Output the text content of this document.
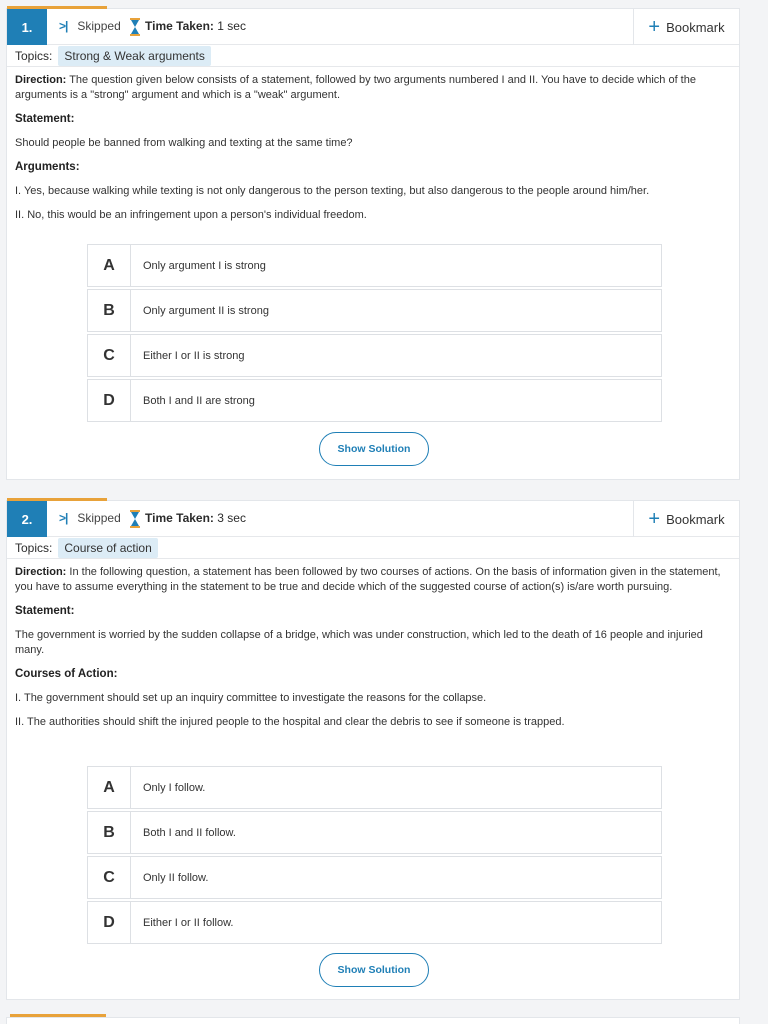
1.	>| Skipped Time Taken: 1 sec	+ Bookmark
Topics:	Strong & Weak arguments

Direction: The question given below consists of a statement, followed by two arguments numbered I and II. You have to decide which of the arguments is a "strong" argument and which is a "weak" argument.

Statement:

Should people be banned from walking and texting at the same time?

Arguments:

I. Yes, because walking while texting is not only dangerous to the person texting, but also dangerous to the people around him/her.

II. No, this would be an infringement upon a person's individual freedom.

A	Only argument I is strong
B	Only argument II is strong
C	Either I or II is strong
D	Both I and II are strong
Show Solution
2.	>| Skipped Time Taken: 3 sec	+ Bookmark
Topics:	Course of action

Direction: In the following question, a statement has been followed by two courses of actions. On the basis of information given in the statement, you have to assume everything in the statement to be true and decide which of the suggested course of action(s) is/are worth pursuing.

Statement:

The government is worried by the sudden collapse of a bridge, which was under construction, which led to the death of 16 people and injuried many.

Courses of Action:

I. The government should set up an inquiry committee to investigate the reasons for the collapse.

II. The authorities should shift the injured people to the hospital and clear the debris to see if someone is trapped.

A	Only I follow.
B	Both I and II follow.
C	Only II follow.
D	Either I or II follow.
Show Solution
